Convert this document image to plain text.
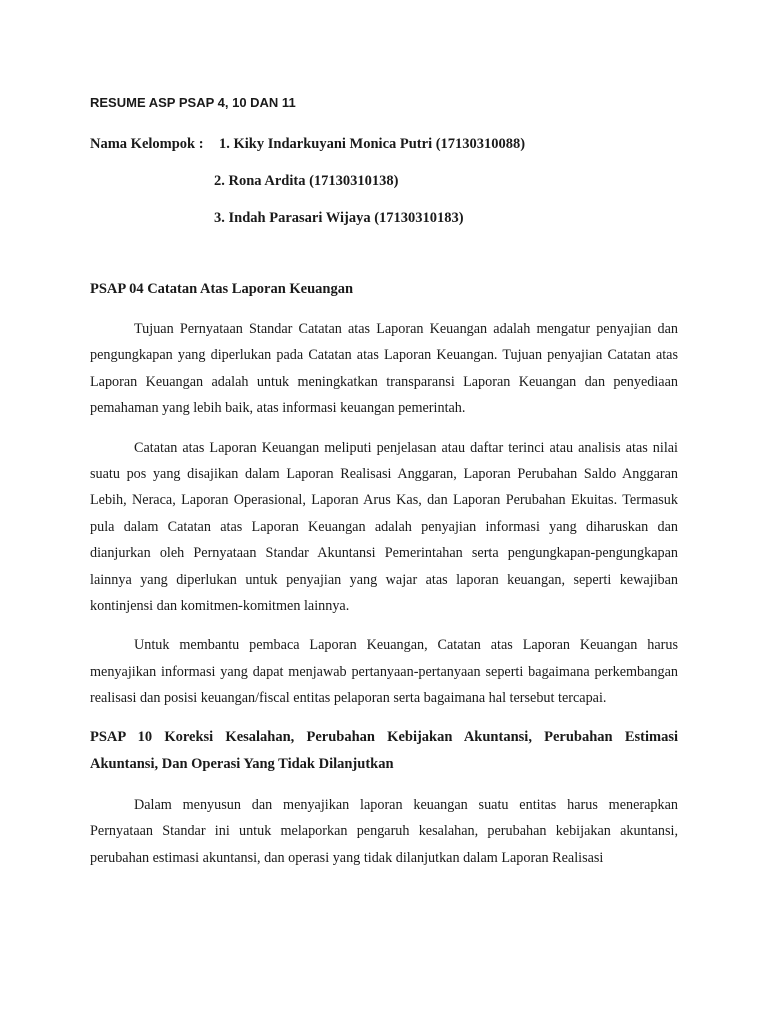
RESUME ASP PSAP 4, 10 DAN 11
Nama Kelompok :	1. Kiky Indarkuyani Monica Putri (17130310088)
2. Rona Ardita (17130310138)
3. Indah Parasari Wijaya (17130310183)
PSAP 04 Catatan Atas Laporan Keuangan

Tujuan Pernyataan Standar Catatan atas Laporan Keuangan adalah mengatur penyajian dan pengungkapan yang diperlukan pada Catatan atas Laporan Keuangan. Tujuan penyajian Catatan atas Laporan Keuangan adalah untuk meningkatkan transparansi Laporan Keuangan dan penyediaan pemahaman yang lebih baik, atas informasi keuangan pemerintah.

Catatan atas Laporan Keuangan meliputi penjelasan atau daftar terinci atau analisis atas nilai suatu pos yang disajikan dalam Laporan Realisasi Anggaran, Laporan Perubahan Saldo Anggaran Lebih, Neraca, Laporan Operasional, Laporan Arus Kas, dan Laporan Perubahan Ekuitas. Termasuk pula dalam Catatan atas Laporan Keuangan adalah penyajian informasi yang diharuskan dan dianjurkan oleh Pernyataan Standar Akuntansi Pemerintahan serta pengungkapan-pengungkapan lainnya yang diperlukan untuk penyajian yang wajar atas laporan keuangan, seperti kewajiban kontinjensi dan komitmen-komitmen lainnya.

Untuk membantu pembaca Laporan Keuangan, Catatan atas Laporan Keuangan harus menyajikan informasi yang dapat menjawab pertanyaan-pertanyaan seperti bagaimana perkembangan realisasi dan posisi keuangan/fiscal entitas pelaporan serta bagaimana hal tersebut tercapai.

PSAP 10 Koreksi Kesalahan, Perubahan Kebijakan Akuntansi, Perubahan Estimasi Akuntansi, Dan Operasi Yang Tidak Dilanjutkan

Dalam menyusun dan menyajikan laporan keuangan suatu entitas harus menerapkan Pernyataan Standar ini untuk melaporkan pengaruh kesalahan, perubahan kebijakan akuntansi, perubahan estimasi akuntansi, dan operasi yang tidak dilanjutkan dalam Laporan Realisasi
